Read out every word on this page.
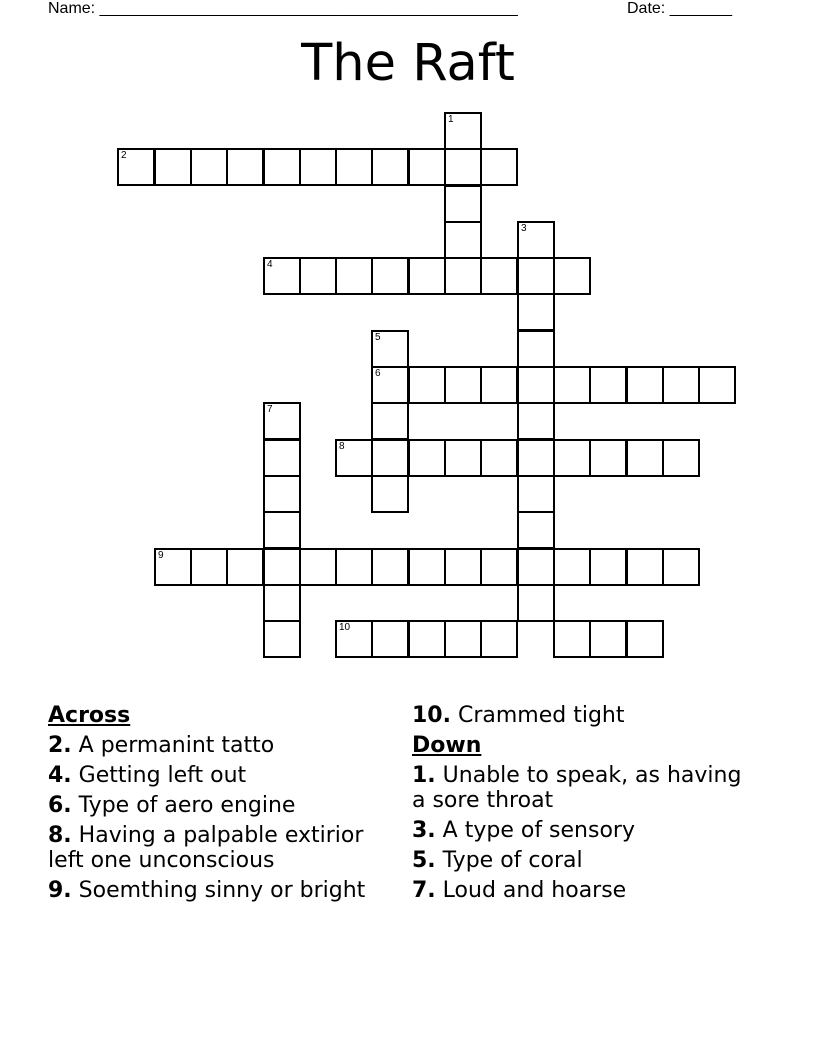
Name: _______________________________________________	Date: _______
The Raft
1
2
3
4
5
6
7
8
9
10
Across
2. A permanint tatto
4. Getting left out
6. Type of aero engine
8. Having a palpable extirior left one unconscious
9. Soemthing sinny or bright
10. Crammed tight
Down
1. Unable to speak, as having a sore throat
3. A type of sensory
5. Type of coral
7. Loud and hoarse
